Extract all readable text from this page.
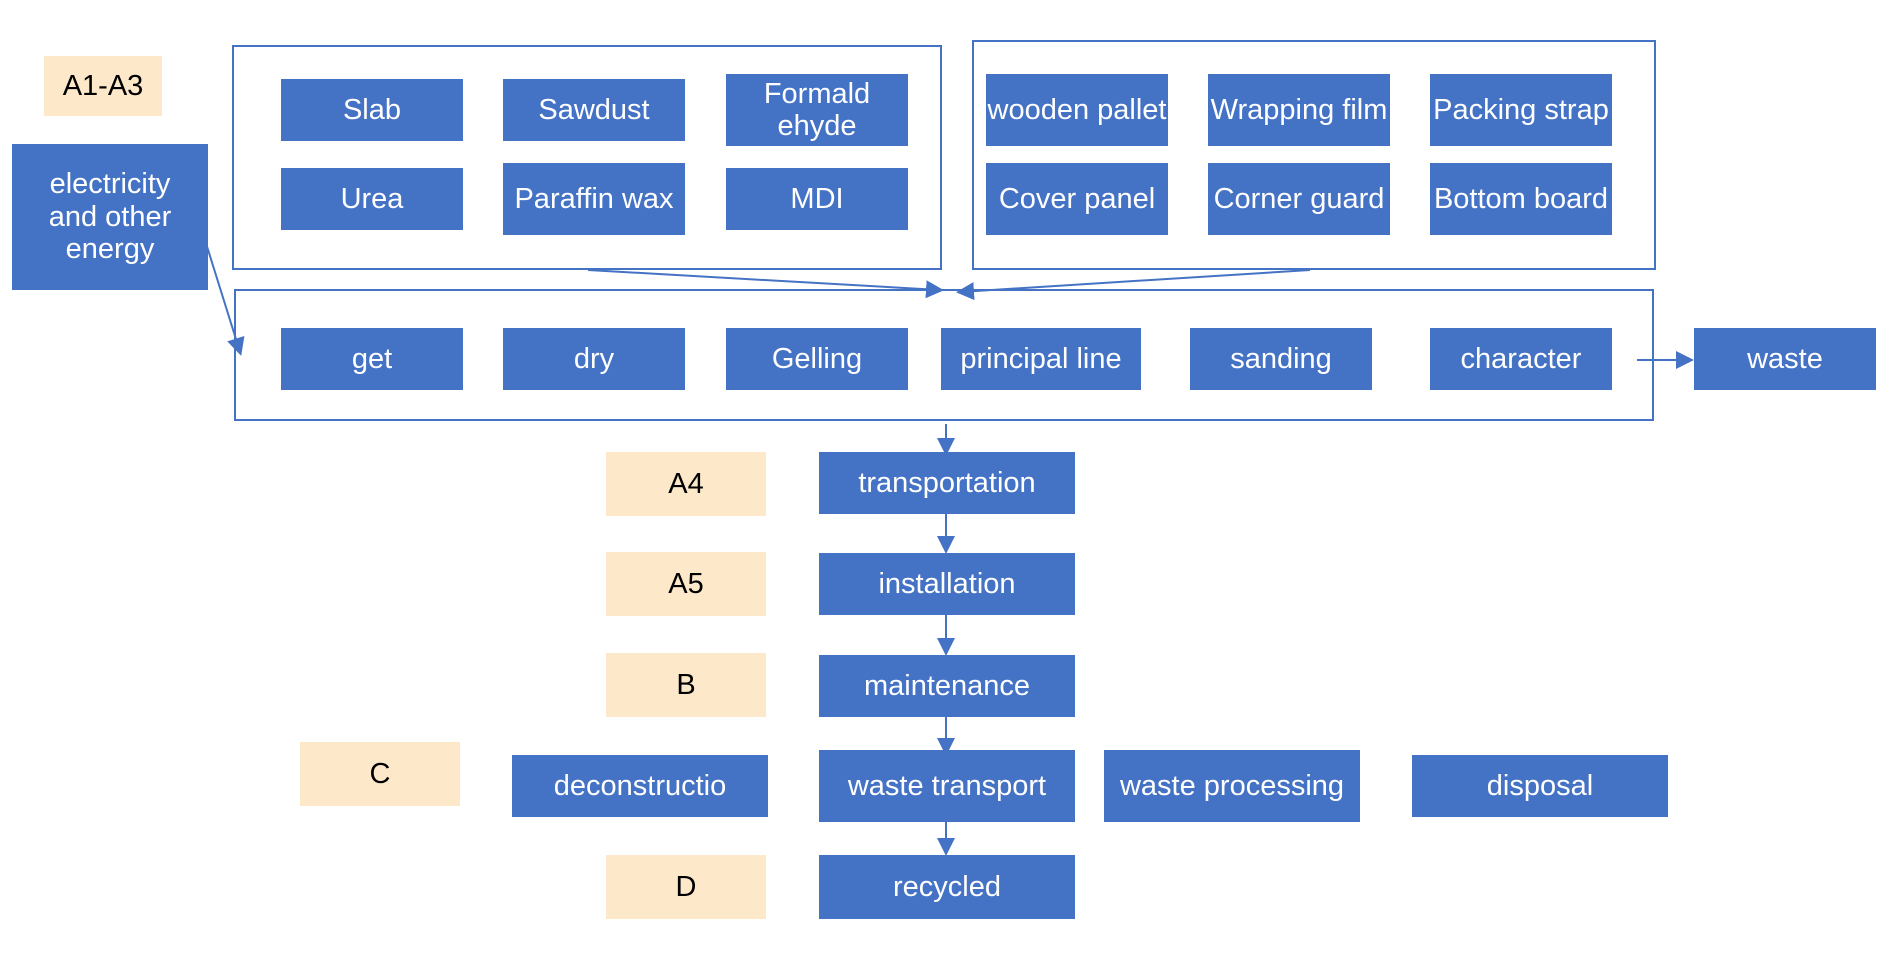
A1-A3
electricity and other energy
Slab	Sawdust
Formald ehyde
Urea	Paraffin wax	MDI
wooden pallet Wrapping film Packing strap
Cover panel Corner guard Bottom board
get	dry	Gelling	principal line	sanding	character	waste
A4
A5
B
C
D
transportation
installation
maintenance
waste transport
recycled
deconstructio	waste processing	disposal
